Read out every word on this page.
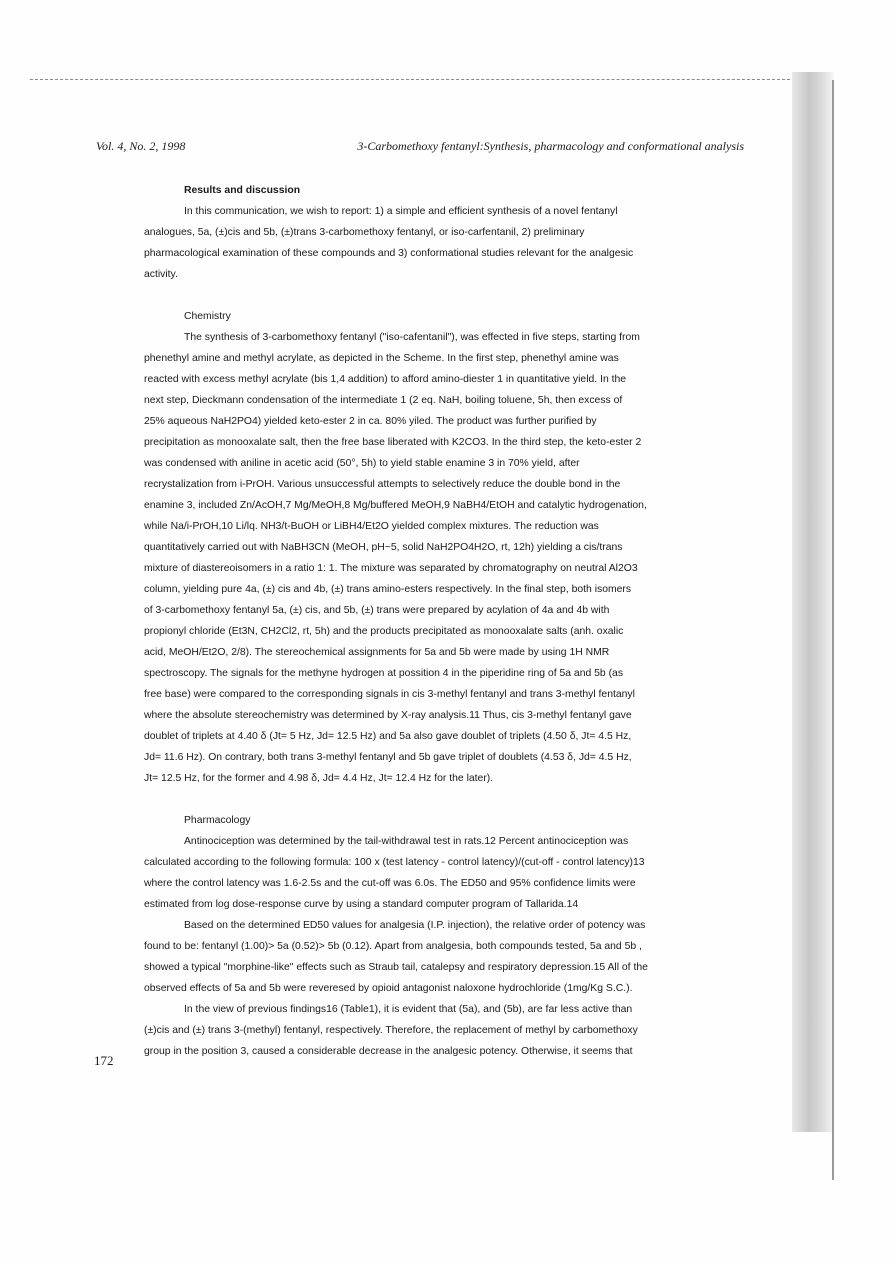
Vol. 4, No. 2, 1998	3-Carbomethoxy fentanyl:Synthesis, pharmacology and conformational analysis
Results and discussion
In this communication, we wish to report: 1) a simple and efficient synthesis of a novel fentanyl
analogues, 5a, (±)cis and 5b, (±)trans 3-carbomethoxy fentanyl, or iso-carfentanil, 2) preliminary
pharmacological examination of these compounds and 3) conformational studies relevant for the analgesic
activity.
Chemistry
The synthesis of 3-carbomethoxy fentanyl ("iso-cafentanil"), was effected in five steps, starting from
phenethyl amine and methyl acrylate, as depicted in the Scheme. In the first step, phenethyl amine was
reacted with excess methyl acrylate (bis 1,4 addition) to afford amino-diester 1 in quantitative yield. In the
next step, Dieckmann condensation of the intermediate 1 (2 eq. NaH, boiling toluene, 5h, then excess of
25% aqueous NaH2PO4) yielded keto-ester 2 in ca. 80% yiled. The product was further purified by
precipitation as monooxalate salt, then the free base liberated with K2CO3. In the third step, the keto-ester 2
was condensed with aniline in acetic acid (50°, 5h) to yield stable enamine 3 in 70% yield, after
recrystalization from i-PrOH. Various unsuccessful attempts to selectively reduce the double bond in the
enamine 3, included Zn/AcOH,7 Mg/MeOH,8 Mg/buffered MeOH,9 NaBH4/EtOH and catalytic hydrogenation,
while Na/i-PrOH,10 Li/lq. NH3/t-BuOH or LiBH4/Et2O yielded complex mixtures. The reduction was
quantitatively carried out with NaBH3CN (MeOH, pH~5, solid NaH2PO4H2O, rt, 12h) yielding a cis/trans
mixture of diastereoisomers in a ratio 1: 1. The mixture was separated by chromatography on neutral Al2O3
column, yielding pure 4a, (±) cis and 4b, (±) trans amino-esters respectively. In the final step, both isomers
of 3-carbomethoxy fentanyl 5a, (±) cis, and 5b, (±) trans were prepared by acylation of 4a and 4b with
propionyl chloride (Et3N, CH2Cl2, rt, 5h) and the products precipitated as monooxalate salts (anh. oxalic
acid, MeOH/Et2O, 2/8). The stereochemical assignments for 5a and 5b were made by using 1H NMR
spectroscopy. The signals for the methyne hydrogen at possition 4 in the piperidine ring of 5a and 5b (as
free base) were compared to the corresponding signals in cis 3-methyl fentanyl and trans 3-methyl fentanyl
where the absolute stereochemistry was determined by X-ray analysis.11 Thus, cis 3-methyl fentanyl gave
doublet of triplets at 4.40 δ (Jt= 5 Hz, Jd= 12.5 Hz) and 5a also gave doublet of triplets (4.50 δ, Jt= 4.5 Hz,
Jd= 11.6 Hz). On contrary, both trans 3-methyl fentanyl and 5b gave triplet of doublets (4.53 δ, Jd= 4.5 Hz,
Jt= 12.5 Hz, for the former and 4.98 δ, Jd= 4.4 Hz, Jt= 12.4 Hz for the later).
Pharmacology
Antinociception was determined by the tail-withdrawal test in rats.12 Percent antinociception was
calculated according to the following formula: 100 x (test latency - control latency)/(cut-off - control latency)13
where the control latency was 1.6-2.5s and the cut-off was 6.0s. The ED50 and 95% confidence limits were
estimated from log dose-response curve by using a standard computer program of Tallarida.14
Based on the determined ED50 values for analgesia (I.P. injection), the relative order of potency was
found to be: fentanyl (1.00)> 5a (0.52)> 5b (0.12). Apart from analgesia, both compounds tested, 5a and 5b ,
showed a typical "morphine-like" effects such as Straub tail, catalepsy and respiratory depression.15 All of the
observed effects of 5a and 5b were reveresed by opioid antagonist naloxone hydrochloride (1mg/Kg S.C.).
In the view of previous findings16 (Table1), it is evident that (5a), and (5b), are far less active than
(±)cis and (±) trans 3-(methyl) fentanyl, respectively. Therefore, the replacement of methyl by carbomethoxy
group in the position 3, caused a considerable decrease in the analgesic potency. Otherwise, it seems that
172
